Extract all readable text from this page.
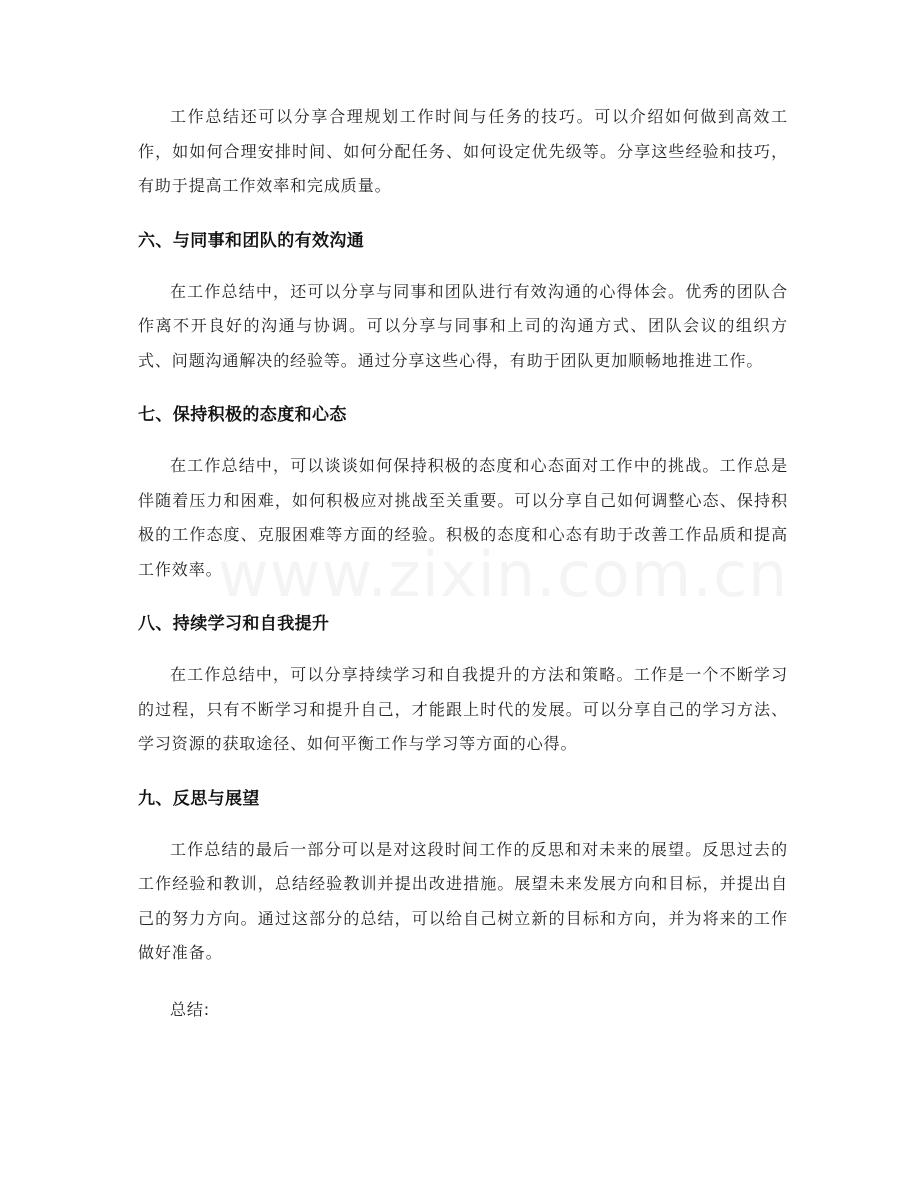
工作总结还可以分享合理规划工作时间与任务的技巧。可以介绍如何做到高效工作，如如何合理安排时间、如何分配任务、如何设定优先级等。分享这些经验和技巧，有助于提高工作效率和完成质量。

六、与同事和团队的有效沟通

在工作总结中，还可以分享与同事和团队进行有效沟通的心得体会。优秀的团队合作离不开良好的沟通与协调。可以分享与同事和上司的沟通方式、团队会议的组织方式、问题沟通解决的经验等。通过分享这些心得，有助于团队更加顺畅地推进工作。

七、保持积极的态度和心态

在工作总结中，可以谈谈如何保持积极的态度和心态面对工作中的挑战。工作总是伴随着压力和困难，如何积极应对挑战至关重要。可以分享自己如何调整心态、保持积极的工作态度、克服困难等方面的经验。积极的态度和心态有助于改善工作品质和提高工作效率。

八、持续学习和自我提升

在工作总结中，可以分享持续学习和自我提升的方法和策略。工作是一个不断学习的过程，只有不断学习和提升自己，才能跟上时代的发展。可以分享自己的学习方法、学习资源的获取途径、如何平衡工作与学习等方面的心得。

九、反思与展望

工作总结的最后一部分可以是对这段时间工作的反思和对未来的展望。反思过去的工作经验和教训，总结经验教训并提出改进措施。展望未来发展方向和目标，并提出自己的努力方向。通过这部分的总结，可以给自己树立新的目标和方向，并为将来的工作做好准备。

总结:
